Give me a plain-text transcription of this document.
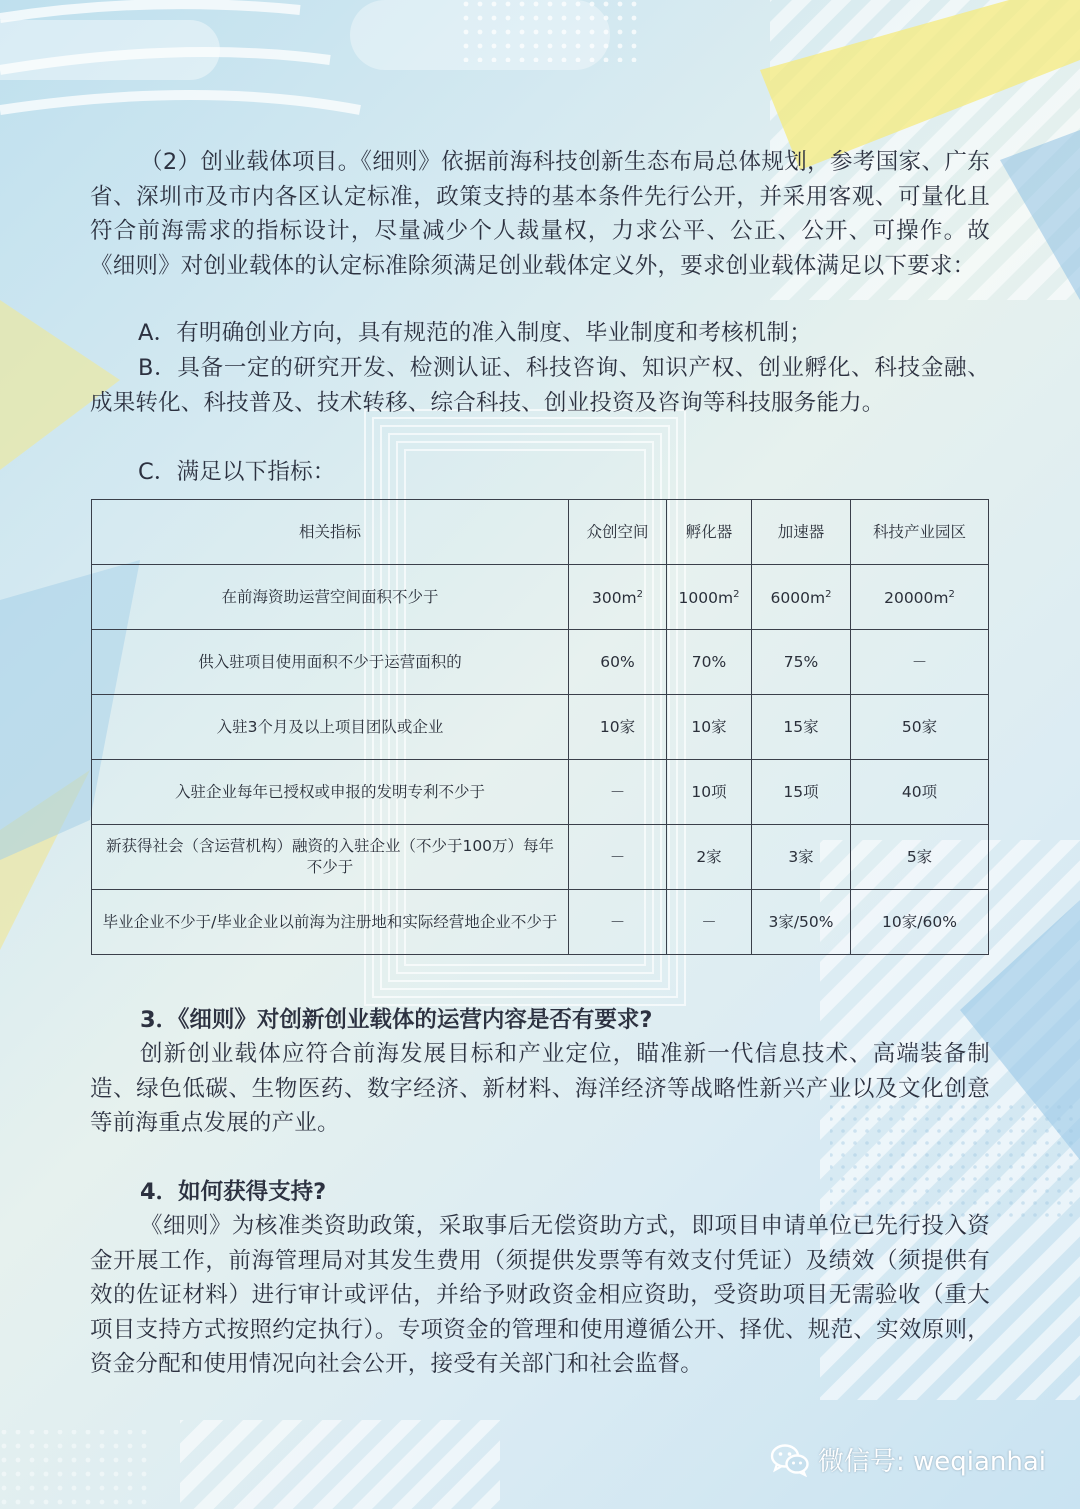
（2）创业载体项目。《细则》依据前海科技创新生态布局总体规划，参考国家、广东省、深圳市及市内各区认定标准，政策支持的基本条件先行公开，并采用客观、可量化且符合前海需求的指标设计，尽量减少个人裁量权，力求公平、公正、公开、可操作。故《细则》对创业载体的认定标准除须满足创业载体定义外，要求创业载体满足以下要求：

A．有明确创业方向，具有规范的准入制度、毕业制度和考核机制；

B．具备一定的研究开发、检测认证、科技咨询、知识产权、创业孵化、科技金融、成果转化、科技普及、技术转移、综合科技、创业投资及咨询等科技服务能力。

C．满足以下指标：

相关指标	众创空间	孵化器	加速器	科技产业园区
在前海资助运营空间面积不少于	$300m^2$	$1000m^2$	$6000m^2$	$20000m^2$
供入驻项目使用面积不少于运营面积的	60%	70%	75%	－
入驻3个月及以上项目团队或企业	10家	10家	15家	50家
入驻企业每年已授权或申报的发明专利不少于	－	10项	15项	40项
新获得社会（含运营机构）融资的入驻企业（不少于100万）每年不少于	－	2家	3家	5家
毕业企业不少于/毕业企业以前海为注册地和实际经营地企业不少于	－	－	3家/50%	10家/60%

3．《细则》对创新创业载体的运营内容是否有要求?

创新创业载体应符合前海发展目标和产业定位，瞄准新一代信息技术、高端装备制造、绿色低碳、生物医药、数字经济、新材料、海洋经济等战略性新兴产业以及文化创意等前海重点发展的产业。

4．如何获得支持?

《细则》为核准类资助政策，采取事后无偿资助方式，即项目申请单位已先行投入资金开展工作，前海管理局对其发生费用（须提供发票等有效支付凭证）及绩效（须提供有效的佐证材料）进行审计或评估，并给予财政资金相应资助，受资助项目无需验收（重大项目支持方式按照约定执行）。专项资金的管理和使用遵循公开、择优、规范、实效原则，资金分配和使用情况向社会公开，接受有关部门和社会监督。

微信号: weqianhai
